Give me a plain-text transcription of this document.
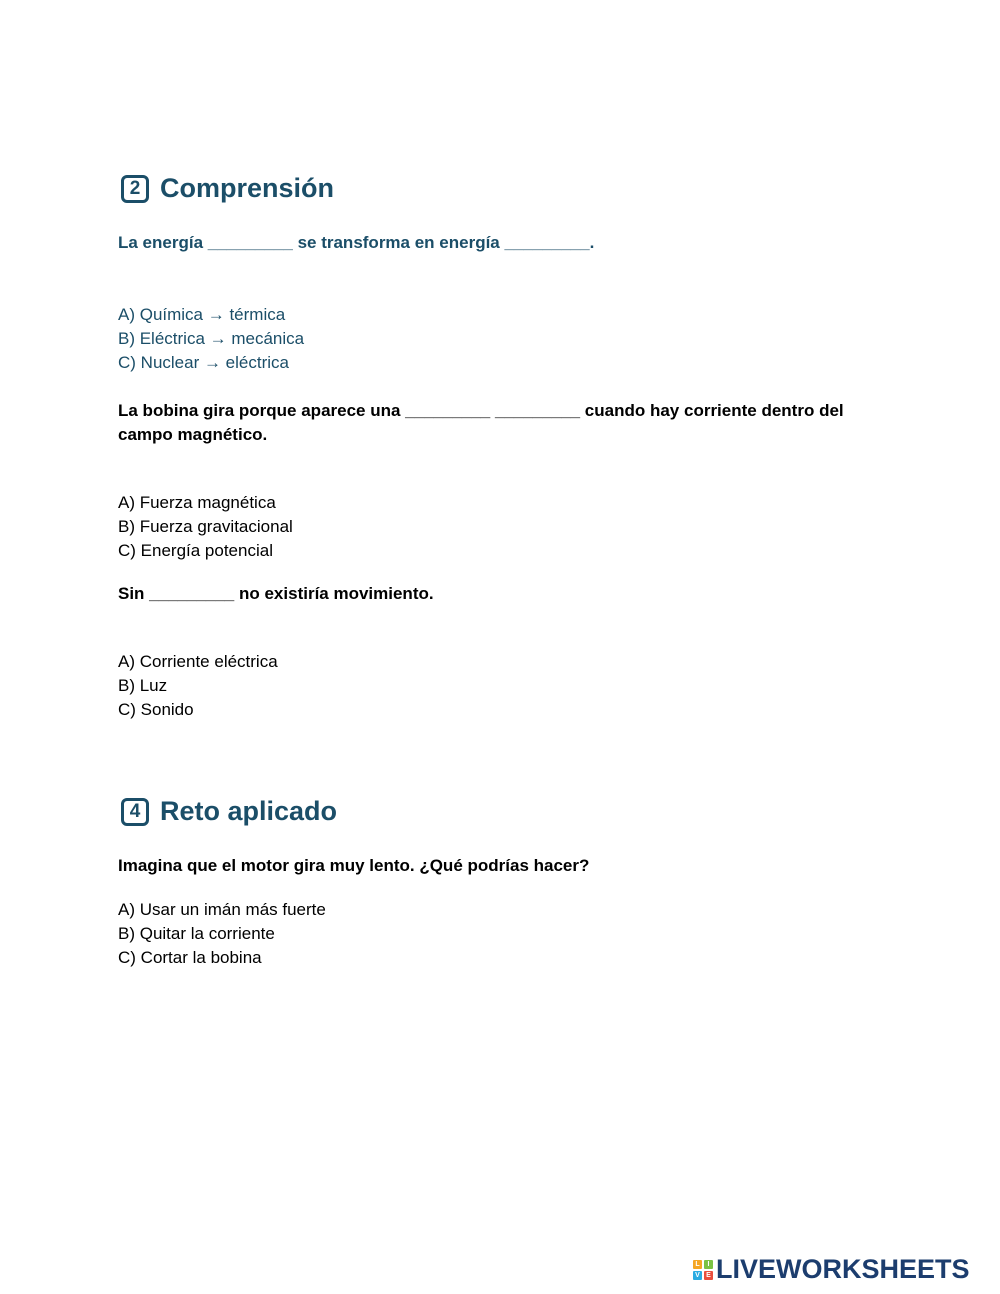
2 Comprensión
La energía _________ se transforma en energía _________.
A) Química → térmica
B) Eléctrica → mecánica
C) Nuclear → eléctrica
La bobina gira porque aparece una _________ _________ cuando hay corriente dentro del campo magnético.
A) Fuerza magnética
B) Fuerza gravitacional
C) Energía potencial
Sin _________ no existiría movimiento.
A) Corriente eléctrica
B) Luz
C) Sonido
4 Reto aplicado
Imagina que el motor gira muy lento. ¿Qué podrías hacer?
A) Usar un imán más fuerte
B) Quitar la corriente
C) Cortar la bobina
L	I
V E LIVEWORKSHEETS
